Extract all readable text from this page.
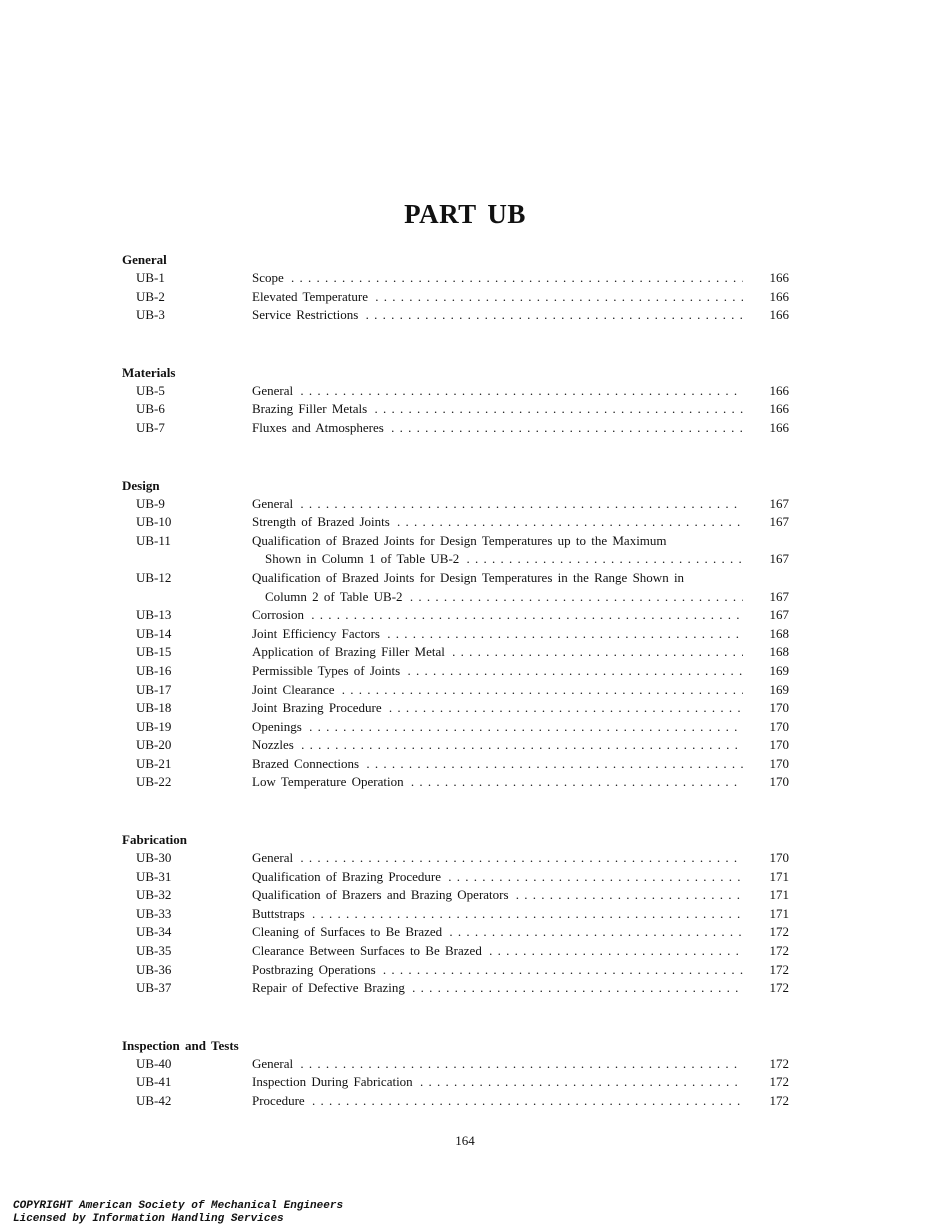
PART UB
General
UB-1	Scope . . .	166
UB-2	Elevated Temperature . . .	166
UB-3	Service Restrictions . . .	166
Materials
UB-5	General . . .	166
UB-6	Brazing Filler Metals . . .	166
UB-7	Fluxes and Atmospheres . . .	166
Design
UB-9	General . . .	167
UB-10	Strength of Brazed Joints . . .	167
UB-11	Qualification of Brazed Joints for Design Temperatures up to the Maximum
Shown in Column 1 of Table UB-2 . . .	167
UB-12	Qualification of Brazed Joints for Design Temperatures in the Range Shown in
Column 2 of Table UB-2 . . .	167
UB-13	Corrosion . . .	167
UB-14	Joint Efficiency Factors . . .	168
UB-15	Application of Brazing Filler Metal . . .	168
UB-16	Permissible Types of Joints . . .	169
UB-17	Joint Clearance . . .	169
UB-18	Joint Brazing Procedure . . .	170
UB-19	Openings . . .	170
UB-20	Nozzles . . .	170
UB-21	Brazed Connections . . .	170
UB-22	Low Temperature Operation . . .	170
Fabrication
UB-30	General . . .	170
UB-31	Qualification of Brazing Procedure . . .	171
UB-32	Qualification of Brazers and Brazing Operators . . .	171
UB-33	Buttstraps . . .	171
UB-34	Cleaning of Surfaces to Be Brazed . . .	172
UB-35	Clearance Between Surfaces to Be Brazed . . .	172
UB-36	Postbrazing Operations . . .	172
UB-37	Repair of Defective Brazing . . .	172
Inspection and Tests
UB-40	General . . .	172
UB-41	Inspection During Fabrication . . .	172
UB-42	Procedure . . .	172
164
COPYRIGHT American Society of Mechanical Engineers
Licensed by Information Handling Services
